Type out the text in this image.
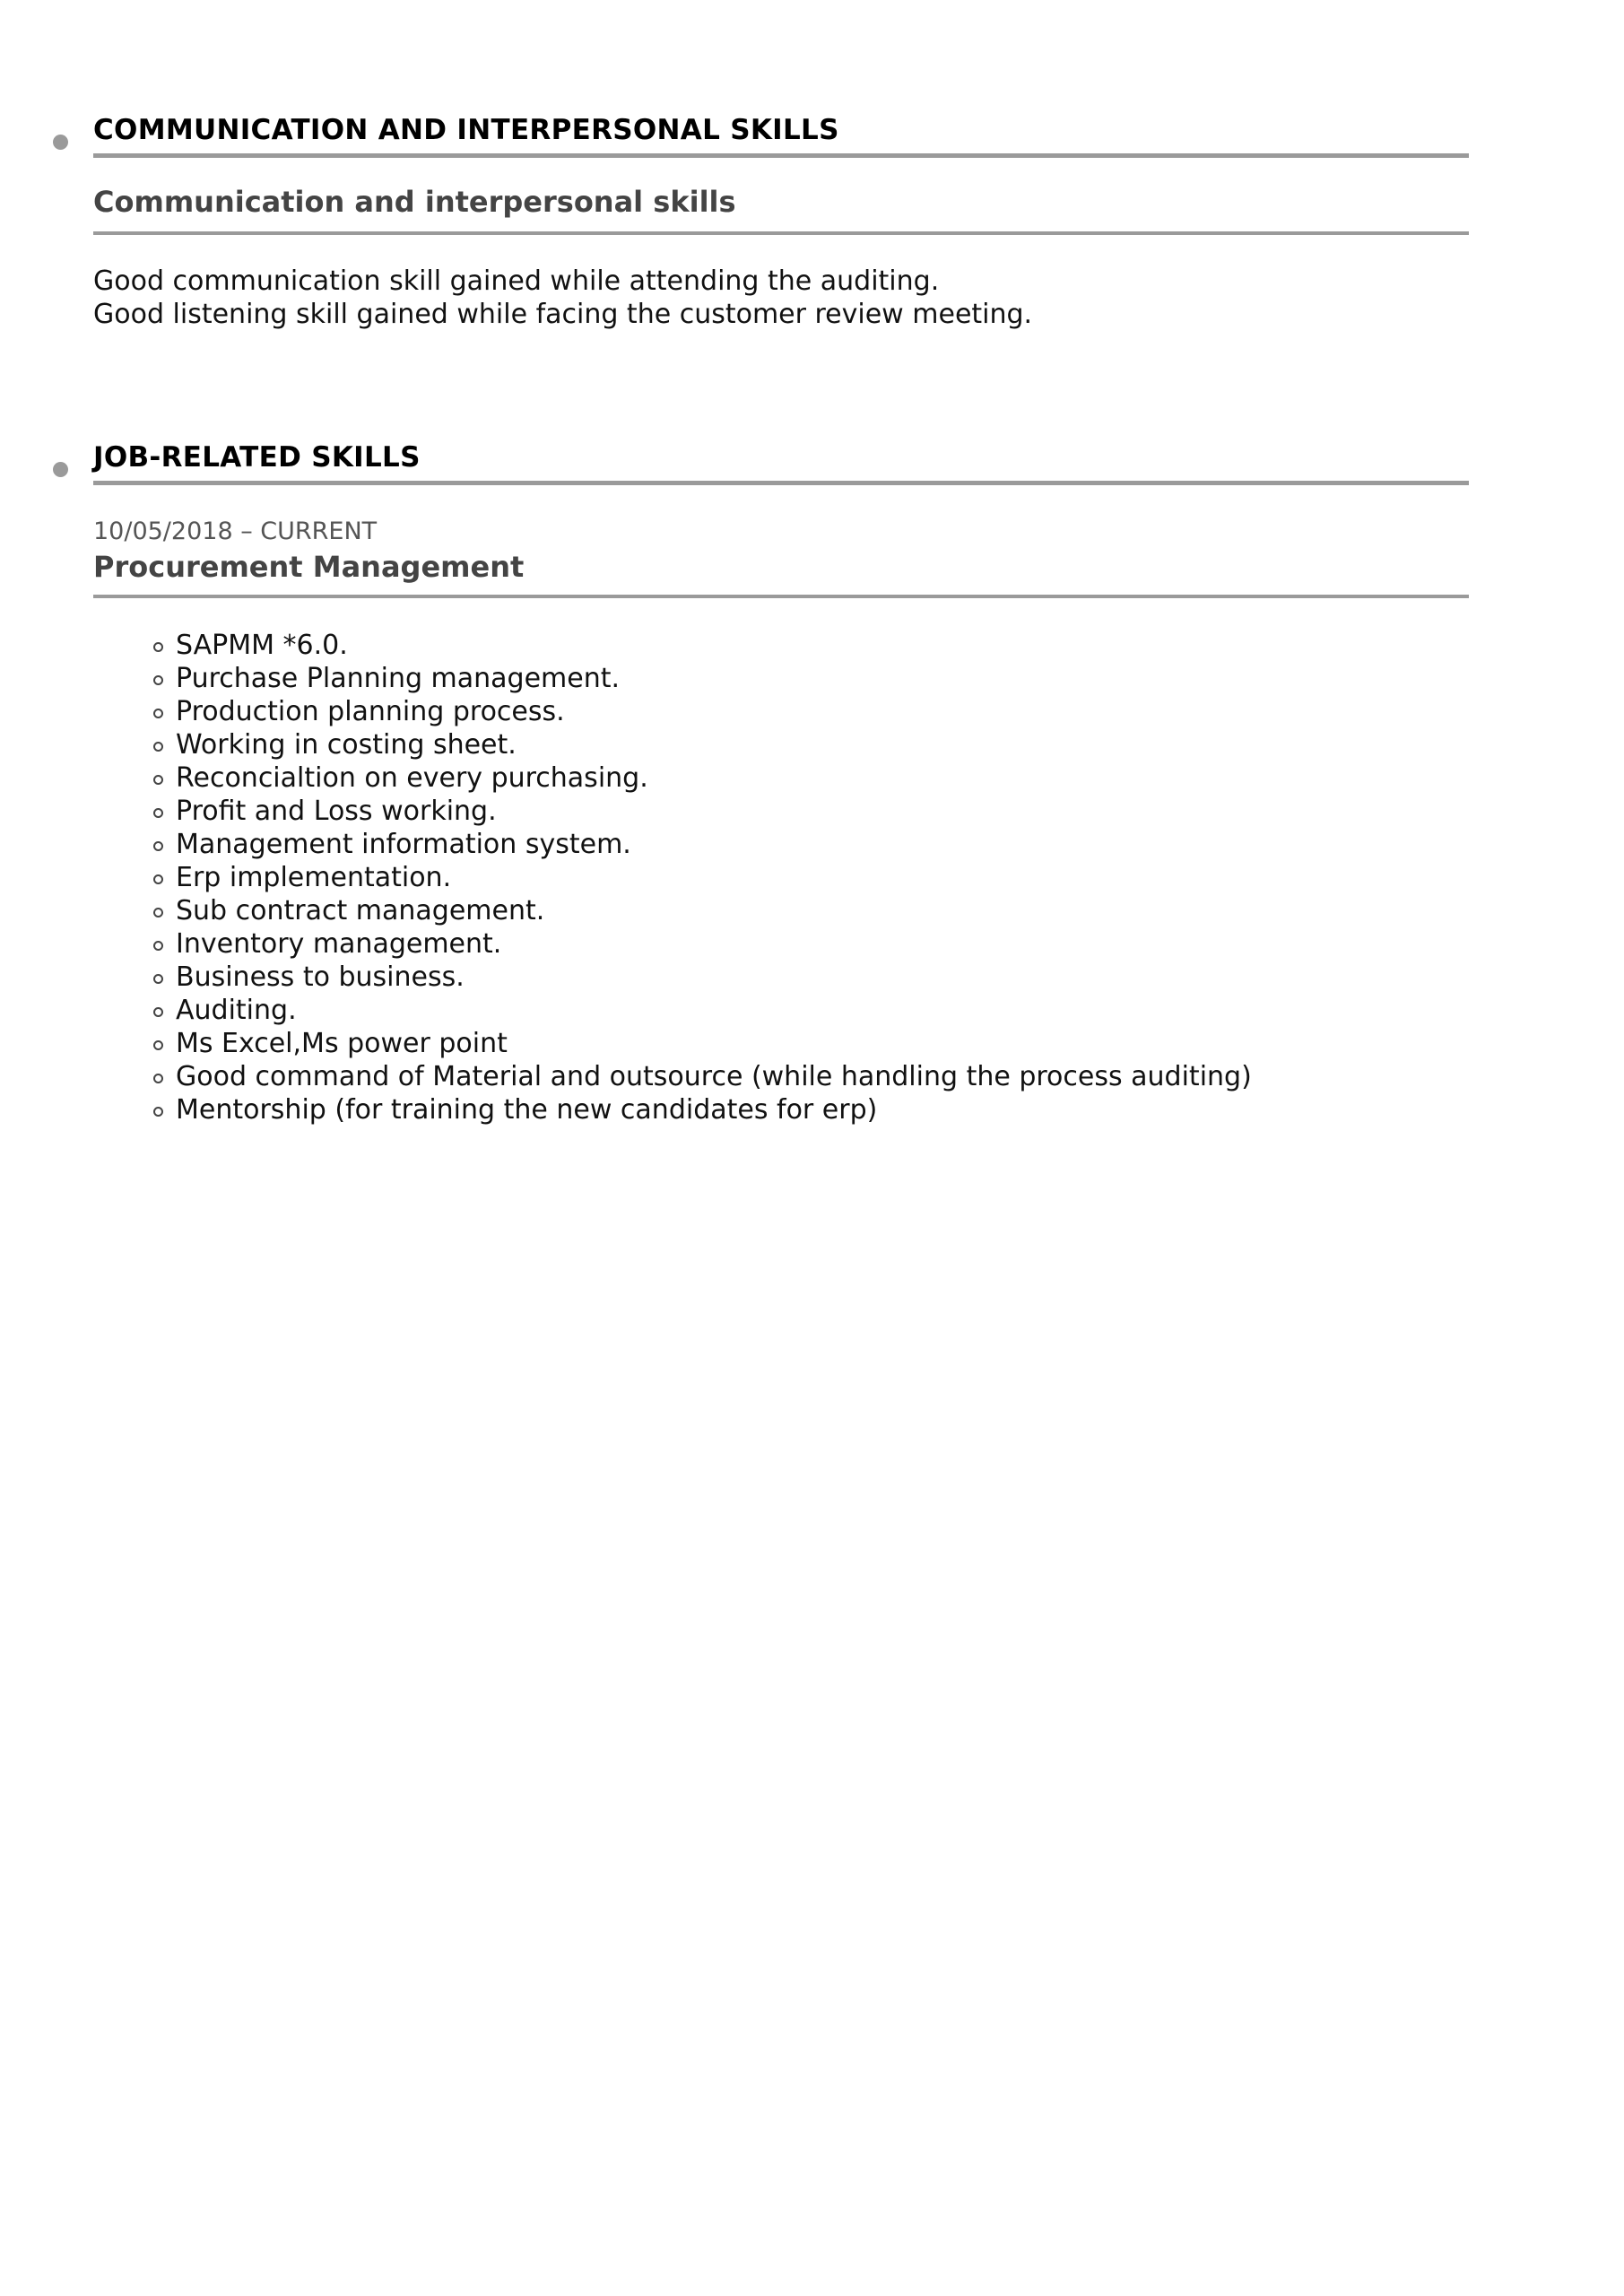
COMMUNICATION AND INTERPERSONAL SKILLS
Communication and interpersonal skills

Good communication skill gained while attending the auditing.

Good listening skill gained while facing the customer review meeting.

JOB-RELATED SKILLS
10/05/2018 – CURRENT
Procurement Management
SAPMM *6.0.
Purchase Planning management.
Production planning process.
Working in costing sheet.
Reconcialtion on every purchasing.
Profit and Loss working.
Management information system.
Erp implementation.
Sub contract management.
Inventory management.
Business to business.
Auditing.
Ms Excel,Ms power point
Good command of Material and outsource (while handling the process auditing)
Mentorship (for training the new candidates for erp)
